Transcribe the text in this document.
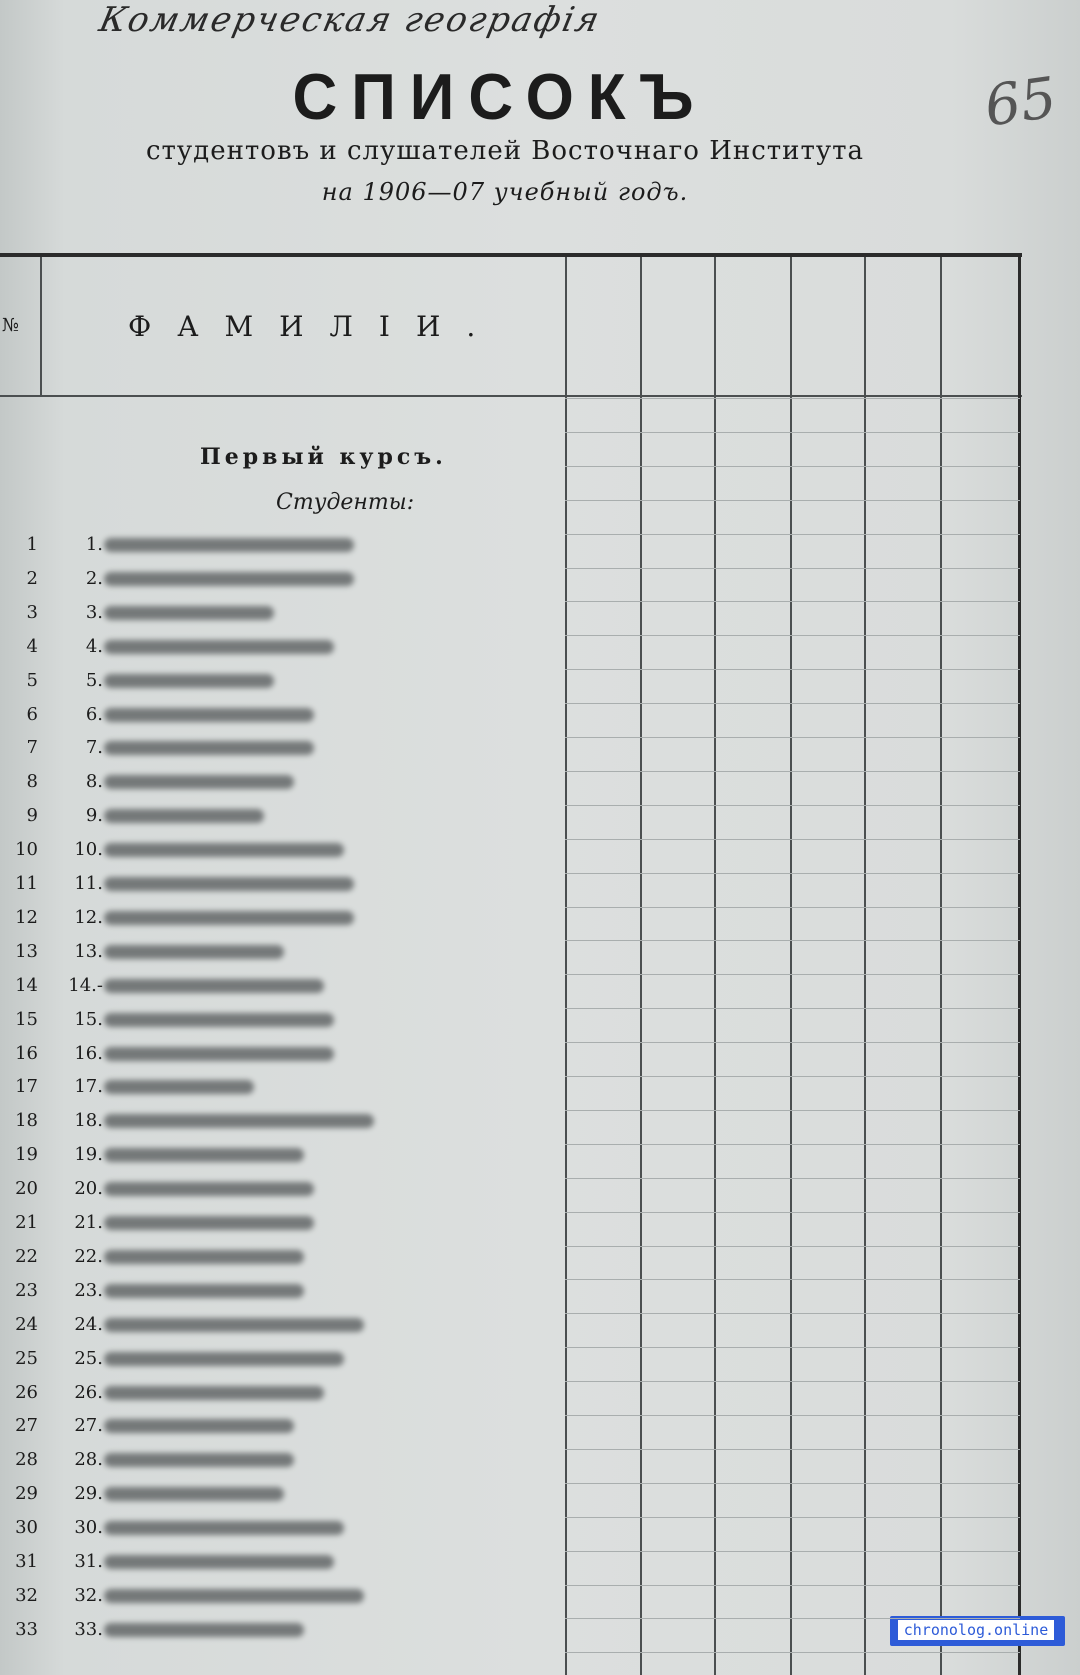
Коммерческая географія
65
СПИСОКЪ
студентовъ и слушателей Восточнаго Института
на 1906—07 учебный годъ.
№	ФАМИЛІИ.
Первый курсъ.
Студенты:
1	1.
2	2.
3	3.
4	4.
5	5.
6	6.
7	7.
8	8.
9	9.
10	10.
11	11.
12	12.
13	13.
14	14.-
15	15.
16	16.
17	17.
18	18.
19	19.
20	20.
21	21.
22	22.
23	23.
24	24.
25	25.
26	26.
27	27.
28	28.
29	29.
30	30.
31	31.
32	32.
33	33.	chronolog.online
